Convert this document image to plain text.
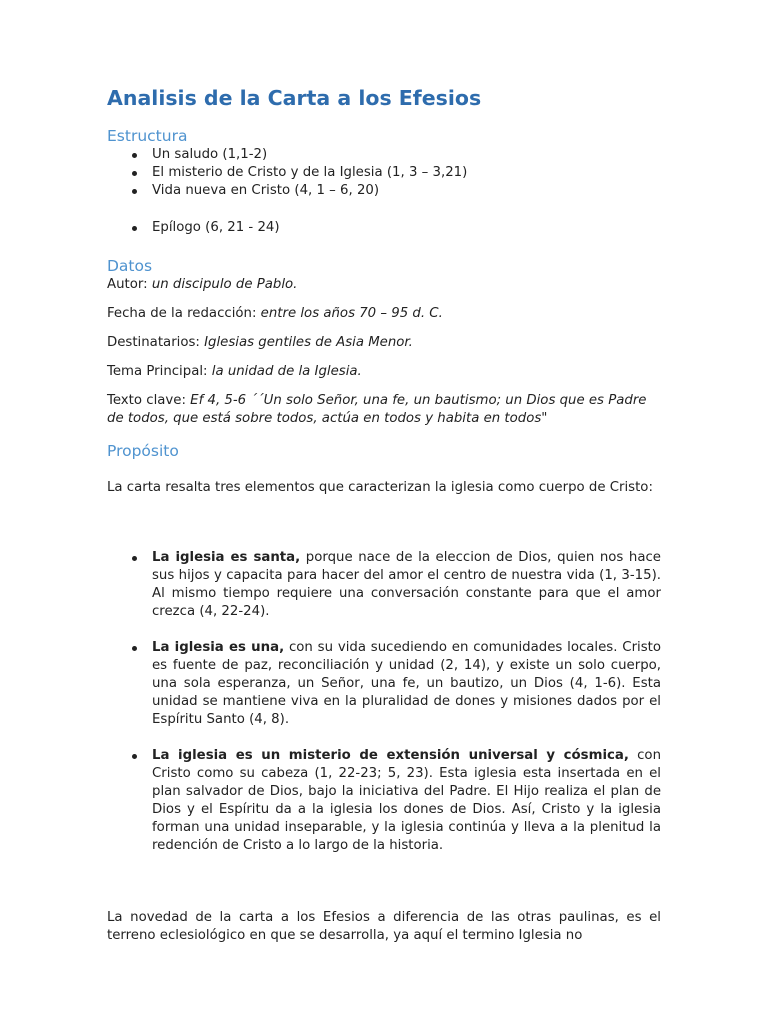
Analisis de la Carta a los Efesios
Estructura
Un saludo (1,1-2)
El misterio de Cristo y de la Iglesia (1, 3 – 3,21)
Vida nueva en Cristo (4, 1 – 6, 20)
Epílogo (6, 21 - 24)
Datos

Autor: un discipulo de Pablo.

Fecha de la redacción: entre los años 70 – 95 d. C.

Destinatarios: Iglesias gentiles de Asia Menor.

Tema Principal: la unidad de la Iglesia.

Texto clave: Ef 4, 5-6 ´´Un solo Señor, una fe, un bautismo; un Dios que es Padre de todos, que está sobre todos, actúa en todos y habita en todos"

Propósito

La carta resalta tres elementos que caracterizan la iglesia como cuerpo de Cristo:

La iglesia es santa, porque nace de la eleccion de Dios, quien nos hace sus hijos y capacita para hacer del amor el centro de nuestra vida (1, 3-15). Al mismo tiempo requiere una conversación constante para que el amor crezca (4, 22-24).
La iglesia es una, con su vida sucediendo en comunidades locales. Cristo es fuente de paz, reconciliación y unidad (2, 14), y existe un solo cuerpo, una sola esperanza, un Señor, una fe, un bautizo, un Dios (4, 1-6). Esta unidad se mantiene viva en la pluralidad de dones y misiones dados por el Espíritu Santo (4, 8).
La iglesia es un misterio de extensión universal y cósmica, con Cristo como su cabeza (1, 22-23; 5, 23). Esta iglesia esta insertada en el plan salvador de Dios, bajo la iniciativa del Padre. El Hijo realiza el plan de Dios y el Espíritu da a la iglesia los dones de Dios. Así, Cristo y la iglesia forman una unidad inseparable, y la iglesia continúa y lleva a la plenitud la redención de Cristo a lo largo de la historia.

La novedad de la carta a los Efesios a diferencia de las otras paulinas, es el terreno eclesiológico en que se desarrolla, ya aquí el termino Iglesia no
